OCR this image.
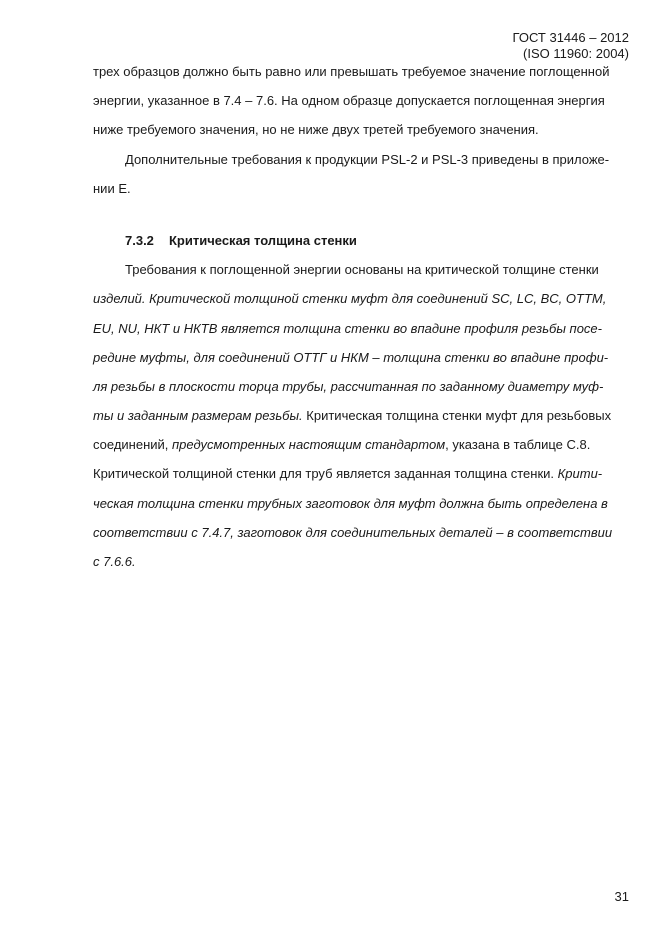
ГОСТ 31446 – 2012
(ISO 11960: 2004)
трех образцов должно быть равно или превышать требуемое значение поглощенной
энергии, указанное в 7.4 – 7.6. На одном образце допускается поглощенная энергия
ниже требуемого значения, но не ниже двух третей требуемого значения.
Дополнительные требования к продукции PSL-2 и PSL-3 приведены в приложе-
нии Е.
7.3.2 Критическая толщина стенки
Требования к поглощенной энергии основаны на критической толщине стенки
изделий. Критической толщиной стенки муфт для соединений SC, LC, BC, OTTM,
EU, NU, НКТ и НКТВ является толщина стенки во впадине профиля резьбы посе-
редине муфты, для соединений ОТТГ и НКМ – толщина стенки во впадине профи-
ля резьбы в плоскости торца трубы, рассчитанная по заданному диаметру муф-
ты и заданным размерам резьбы. Критическая толщина стенки муфт для резьбовых
соединений, предусмотренных настоящим стандартом, указана в таблице С.8.
Критической толщиной стенки для труб является заданная толщина стенки. Крити-
ческая толщина стенки трубных заготовок для муфт должна быть определена в
соответствии с 7.4.7, заготовок для соединительных деталей – в соответствии
с 7.6.6.
31
